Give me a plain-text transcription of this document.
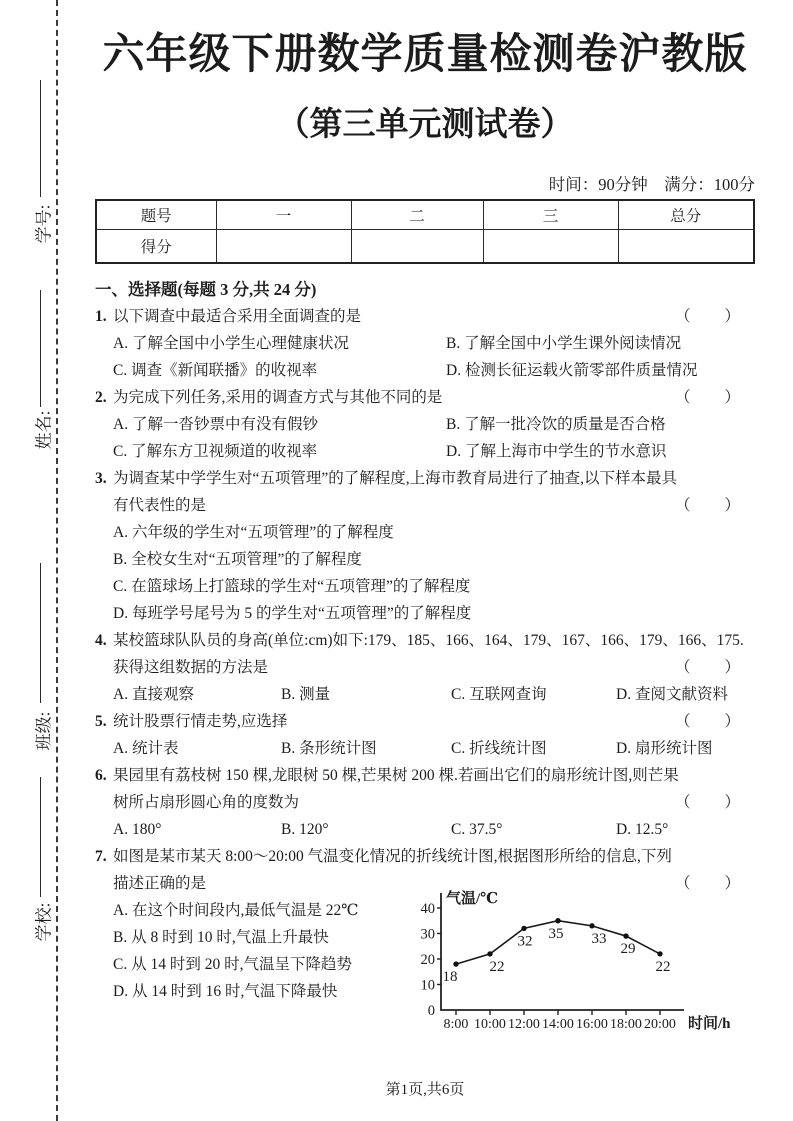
学号:
姓名:
班级:
学校:
六年级下册数学质量检测卷沪教版
（第三单元测试卷）
时间：90分钟　满分：100分
题号	一	二	三	总分
得分				
一、选择题(每题 3 分,共 24 分)
1. 以下调查中最适合采用全面调查的是	（　　）
A. 了解全国中小学生心理健康状况	B. 了解全国中小学生课外阅读情况
C. 调查《新闻联播》的收视率	D. 检测长征运载火箭零部件质量情况
2. 为完成下列任务,采用的调查方式与其他不同的是	（　　）
A. 了解一沓钞票中有没有假钞	B. 了解一批冷饮的质量是否合格
C. 了解东方卫视频道的收视率	D. 了解上海市中学生的节水意识
3. 为调查某中学学生对“五项管理”的了解程度,上海市教育局进行了抽查,以下样本最具
有代表性的是	（　　）
A. 六年级的学生对“五项管理”的了解程度
B. 全校女生对“五项管理”的了解程度
C. 在篮球场上打篮球的学生对“五项管理”的了解程度
D. 每班学号尾号为 5 的学生对“五项管理”的了解程度
4. 某校篮球队队员的身高(单位:cm)如下:179、185、166、164、179、167、166、179、166、175.
获得这组数据的方法是	（　　）
A. 直接观察	B. 测量	C. 互联网查询	D. 查阅文献资料
5. 统计股票行情走势,应选择	（　　）
A. 统计表	B. 条形统计图	C. 折线统计图	D. 扇形统计图
6. 果园里有荔枝树 150 棵,龙眼树 50 棵,芒果树 200 棵.若画出它们的扇形统计图,则芒果
树所占扇形圆心角的度数为	（　　）
A. 180°	B. 120°	C. 37.5°	D. 12.5°
7. 如图是某市某天 8:00～20:00 气温变化情况的折线统计图,根据图形所给的信息,下列
描述正确的是	（　　）
A. 在这个时间段内,最低气温是 22℃
B. 从 8 时到 10 时,气温上升最快
C. 从 14 时到 20 时,气温呈下降趋势
D. 从 14 时到 16 时,气温下降最快
0
10
20
30
40
8:00 10:00 12:00 14:00 16:00 18:00 20:00
气温/℃
时间/h
18
22
32 35 33
29
22
第1页,共6页
